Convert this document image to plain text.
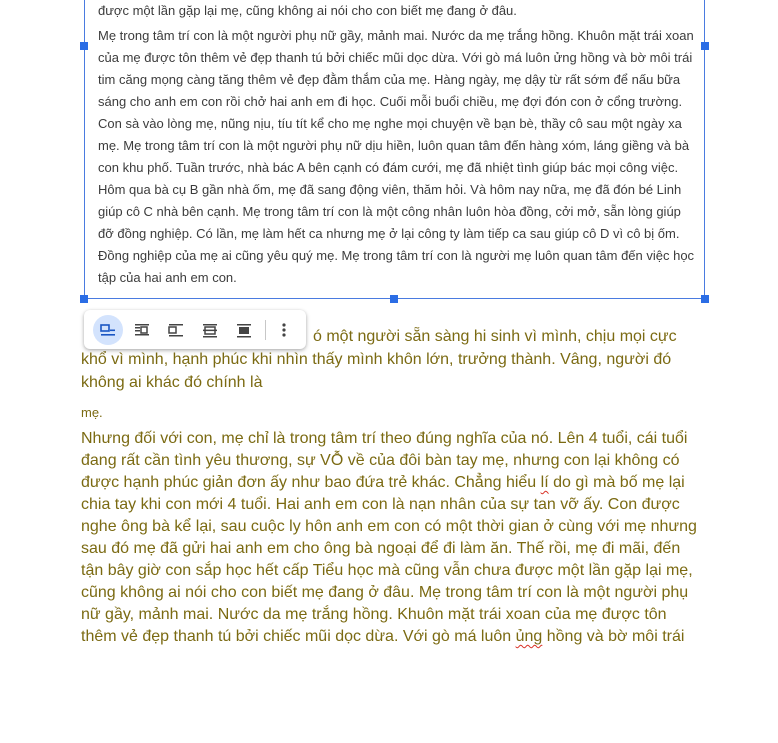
được một lần gặp lại mẹ, cũng không ai nói cho con biết mẹ đang ở đâu.

Mẹ trong tâm trí con là một người phụ nữ gầy, mảnh mai. Nước da mẹ trắng hồng. Khuôn mặt trái xoan của mẹ được tôn thêm vẻ đẹp thanh tú bởi chiếc mũi dọc dừa. Với gò má luôn ửng hồng và bờ môi trái tim căng mọng càng tăng thêm vẻ đẹp đằm thắm của mẹ. Hàng ngày, mẹ dậy từ rất sớm để nấu bữa sáng cho anh em con rồi chở hai anh em đi học. Cuối mỗi buổi chiều, mẹ đợi đón con ở cổng trường. Con sà vào lòng mẹ, nũng nịu, tíu tít kể cho mẹ nghe mọi chuyện về bạn bè, thầy cô sau một ngày xa mẹ. Mẹ trong tâm trí con là một người phụ nữ dịu hiền, luôn quan tâm đến hàng xóm, láng giềng và bà con khu phố. Tuần trước, nhà bác A bên cạnh có đám cưới, mẹ đã nhiệt tình giúp bác mọi công việc. Hôm qua bà cụ B gần nhà ốm, mẹ đã sang động viên, thăm hỏi. Và hôm nay nữa, mẹ đã đón bé Linh giúp cô C nhà bên cạnh. Mẹ trong tâm trí con là một công nhân luôn hòa đồng, cởi mở, sẵn lòng giúp đỡ đồng nghiệp. Có lần, mẹ làm hết ca nhưng mẹ ở lại công ty làm tiếp ca sau giúp cô D vì cô bị ốm. Đồng nghiệp của mẹ ai cũng yêu quý mẹ. Mẹ trong tâm trí con là người mẹ luôn quan tâm đến việc học tập của hai anh em con.

ó một người sẵn sàng hi sinh vì mình, chịu mọi cực khổ vì mình, hạnh phúc khi nhìn thấy mình khôn lớn, trưởng thành. Vâng, người đó không ai khác đó chính là
mẹ.
Nhưng đối với con, mẹ chỉ là trong tâm trí theo đúng nghĩa của nó. Lên 4 tuổi, cái tuổi đang rất cần tình yêu thương, sự VỖ về của đôi bàn tay mẹ, nhưng con lại không có được hạnh phúc giản đơn ấy như bao đứa trẻ khác. Chẳng hiểu lí do gì mà bố mẹ lại chia tay khi con mới 4 tuổi. Hai anh em con là nạn nhân của sự tan vỡ ấy. Con được nghe ông bà kể lại, sau cuộc ly hôn anh em con có một thời gian ở cùng với mẹ nhưng sau đó mẹ đã gửi hai anh em cho ông bà ngoại để đi làm ăn. Thế rồi, mẹ đi mãi, đến tận bây giờ con sắp học hết cấp Tiểu học mà cũng vẫn chưa được một lần gặp lại mẹ, cũng không ai nói cho con biết mẹ đang ở đâu. Mẹ trong tâm trí con là một người phụ nữ gầy, mảnh mai. Nước da mẹ trắng hồng. Khuôn mặt trái xoan của mẹ được tôn thêm vẻ đẹp thanh tú bởi chiếc mũi dọc dừa. Với gò má luôn ủng hồng và bờ môi trái
